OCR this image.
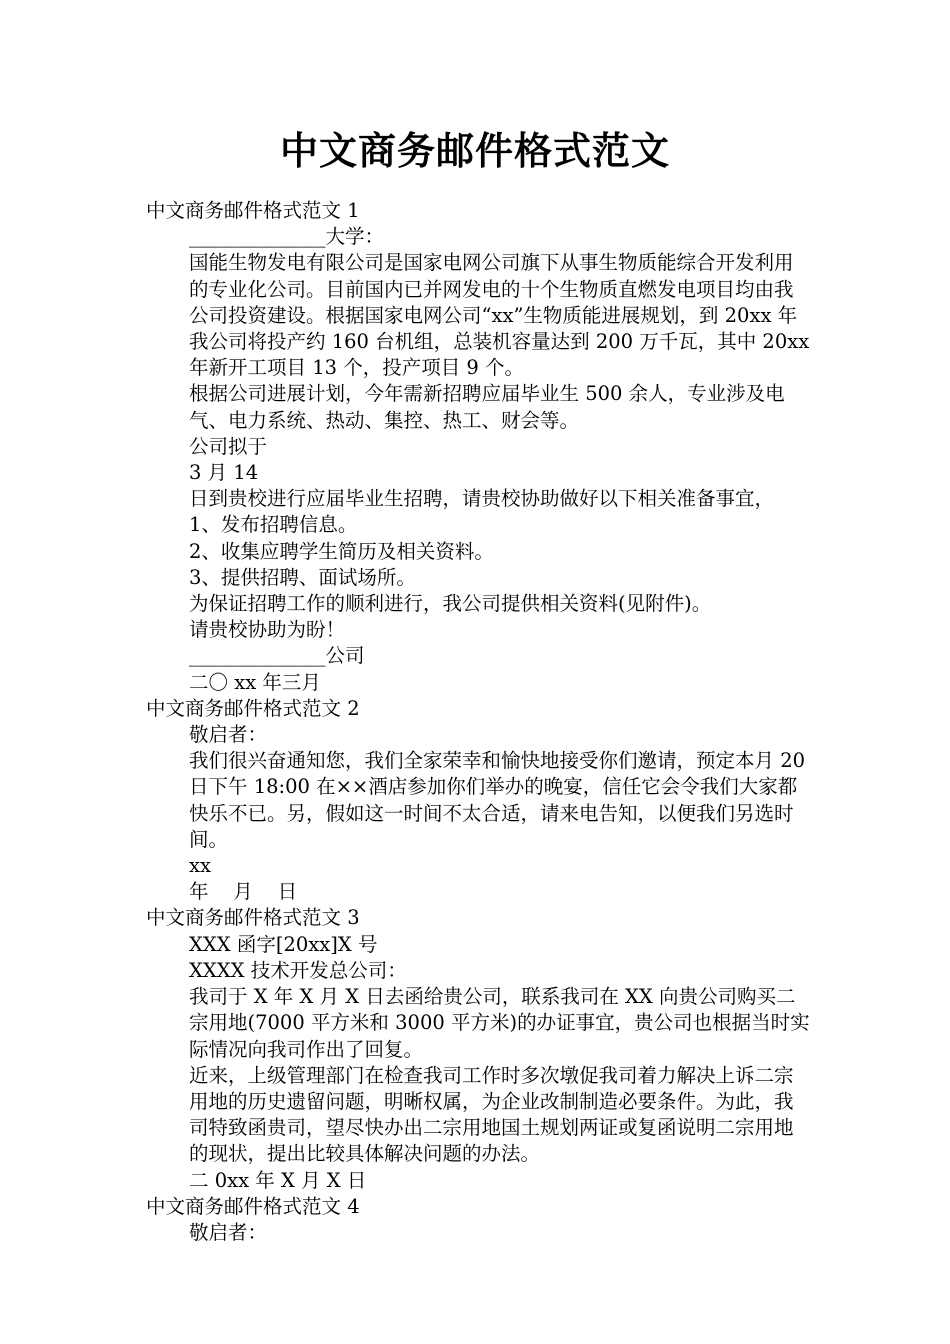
中文商务邮件格式范文

中文商务邮件格式范文 1

______________大学：

国能生物发电有限公司是国家电网公司旗下从事生物质能综合开发利用的专业化公司。目前国内已并网发电的十个生物质直燃发电项目均由我公司投资建设。根据国家电网公司“xx”生物质能进展规划，到 20xx 年我公司将投产约 160 台机组，总装机容量达到 200 万千瓦，其中 20xx 年新开工项目 13 个，投产项目 9 个。

根据公司进展计划，今年需新招聘应届毕业生 500 余人，专业涉及电气、电力系统、热动、集控、热工、财会等。

公司拟于

3 月 14

日到贵校进行应届毕业生招聘，请贵校协助做好以下相关准备事宜，

1、发布招聘信息。

2、收集应聘学生简历及相关资料。

3、提供招聘、面试场所。

为保证招聘工作的顺利进行，我公司提供相关资料(见附件)。

请贵校协助为盼！

______________公司

二〇 xx 年三月

中文商务邮件格式范文 2

敬启者：

我们很兴奋通知您，我们全家荣幸和愉快地接受你们邀请，预定本月 20 日下午 18:00 在××酒店参加你们举办的晚宴，信任它会令我们大家都快乐不已。另，假如这一时间不太合适，请来电告知，以便我们另选时间。

xx

年    月    日

中文商务邮件格式范文 3

XXX 函字[20xx]X 号

XXXX 技术开发总公司：

我司于 X 年 X 月 X 日去函给贵公司，联系我司在 XX 向贵公司购买二宗用地(7000 平方米和 3000 平方米)的办证事宜，贵公司也根据当时实际情况向我司作出了回复。

近来，上级管理部门在检查我司工作时多次墩促我司着力解决上诉二宗用地的历史遗留问题，明晰权属，为企业改制制造必要条件。为此，我司特致函贵司，望尽快办出二宗用地国土规划两证或复函说明二宗用地的现状，提出比较具体解决问题的办法。

二 0xx 年 X 月 X 日

中文商务邮件格式范文 4

敬启者：
